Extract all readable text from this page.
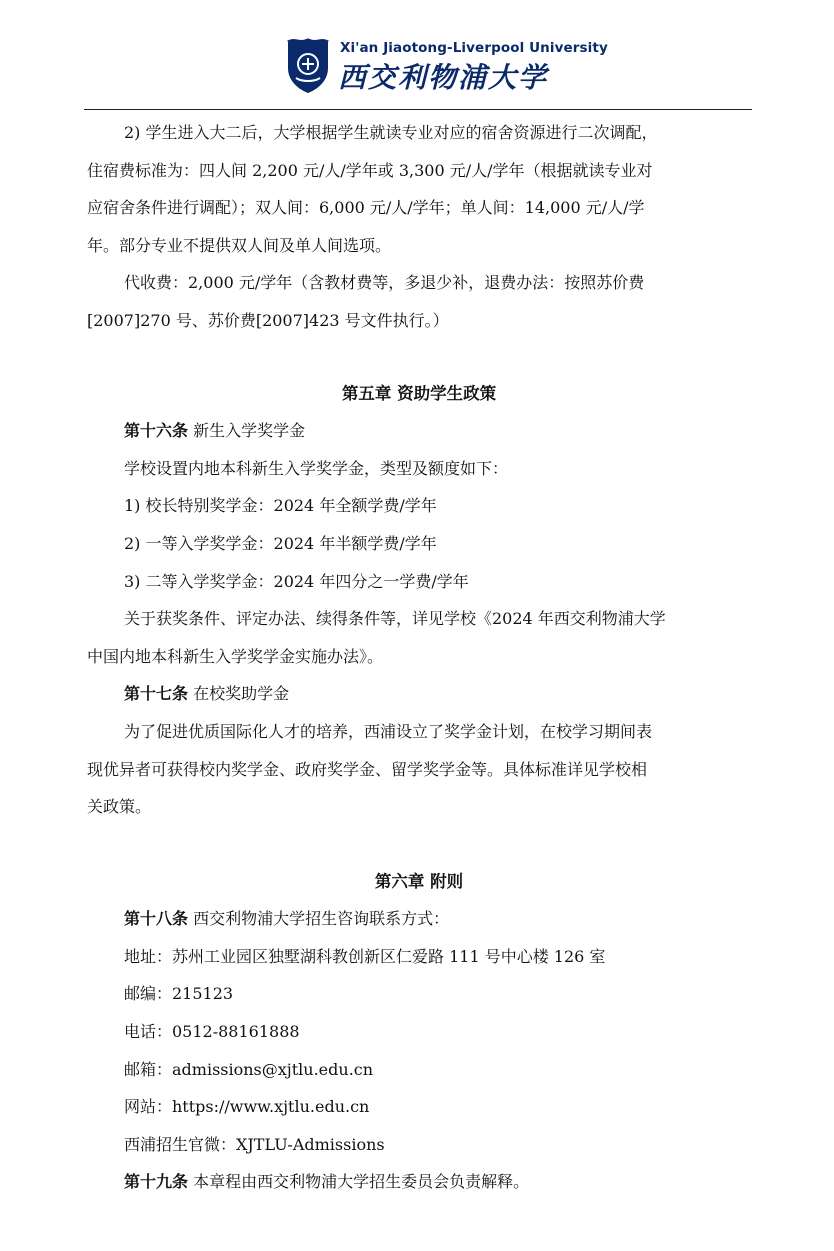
Xi'an Jiaotong-Liverpool University
西交利物浦大学

2) 学生进入大二后，大学根据学生就读专业对应的宿舍资源进行二次调配，

住宿费标准为：四人间 2,200 元/人/学年或 3,300 元/人/学年（根据就读专业对

应宿舍条件进行调配）；双人间：6,000 元/人/学年；单人间：14,000 元/人/学

年。部分专业不提供双人间及单人间选项。

代收费：2,000 元/学年（含教材费等，多退少补，退费办法：按照苏价费

[2007]270 号、苏价费[2007]423 号文件执行。）

第五章 资助学生政策

第十六条 新生入学奖学金

学校设置内地本科新生入学奖学金，类型及额度如下：

1) 校长特别奖学金：2024 年全额学费/学年

2) 一等入学奖学金：2024 年半额学费/学年

3) 二等入学奖学金：2024 年四分之一学费/学年

关于获奖条件、评定办法、续得条件等，详见学校《2024 年西交利物浦大学

中国内地本科新生入学奖学金实施办法》。

第十七条 在校奖助学金

为了促进优质国际化人才的培养，西浦设立了奖学金计划，在校学习期间表

现优异者可获得校内奖学金、政府奖学金、留学奖学金等。具体标准详见学校相

关政策。

第六章 附则

第十八条 西交利物浦大学招生咨询联系方式：

地址：苏州工业园区独墅湖科教创新区仁爱路 111 号中心楼 126 室

邮编：215123

电话：0512-88161888

邮箱：admissions@xjtlu.edu.cn

网站：https://www.xjtlu.edu.cn

西浦招生官微：XJTLU-Admissions

第十九条 本章程由西交利物浦大学招生委员会负责解释。
